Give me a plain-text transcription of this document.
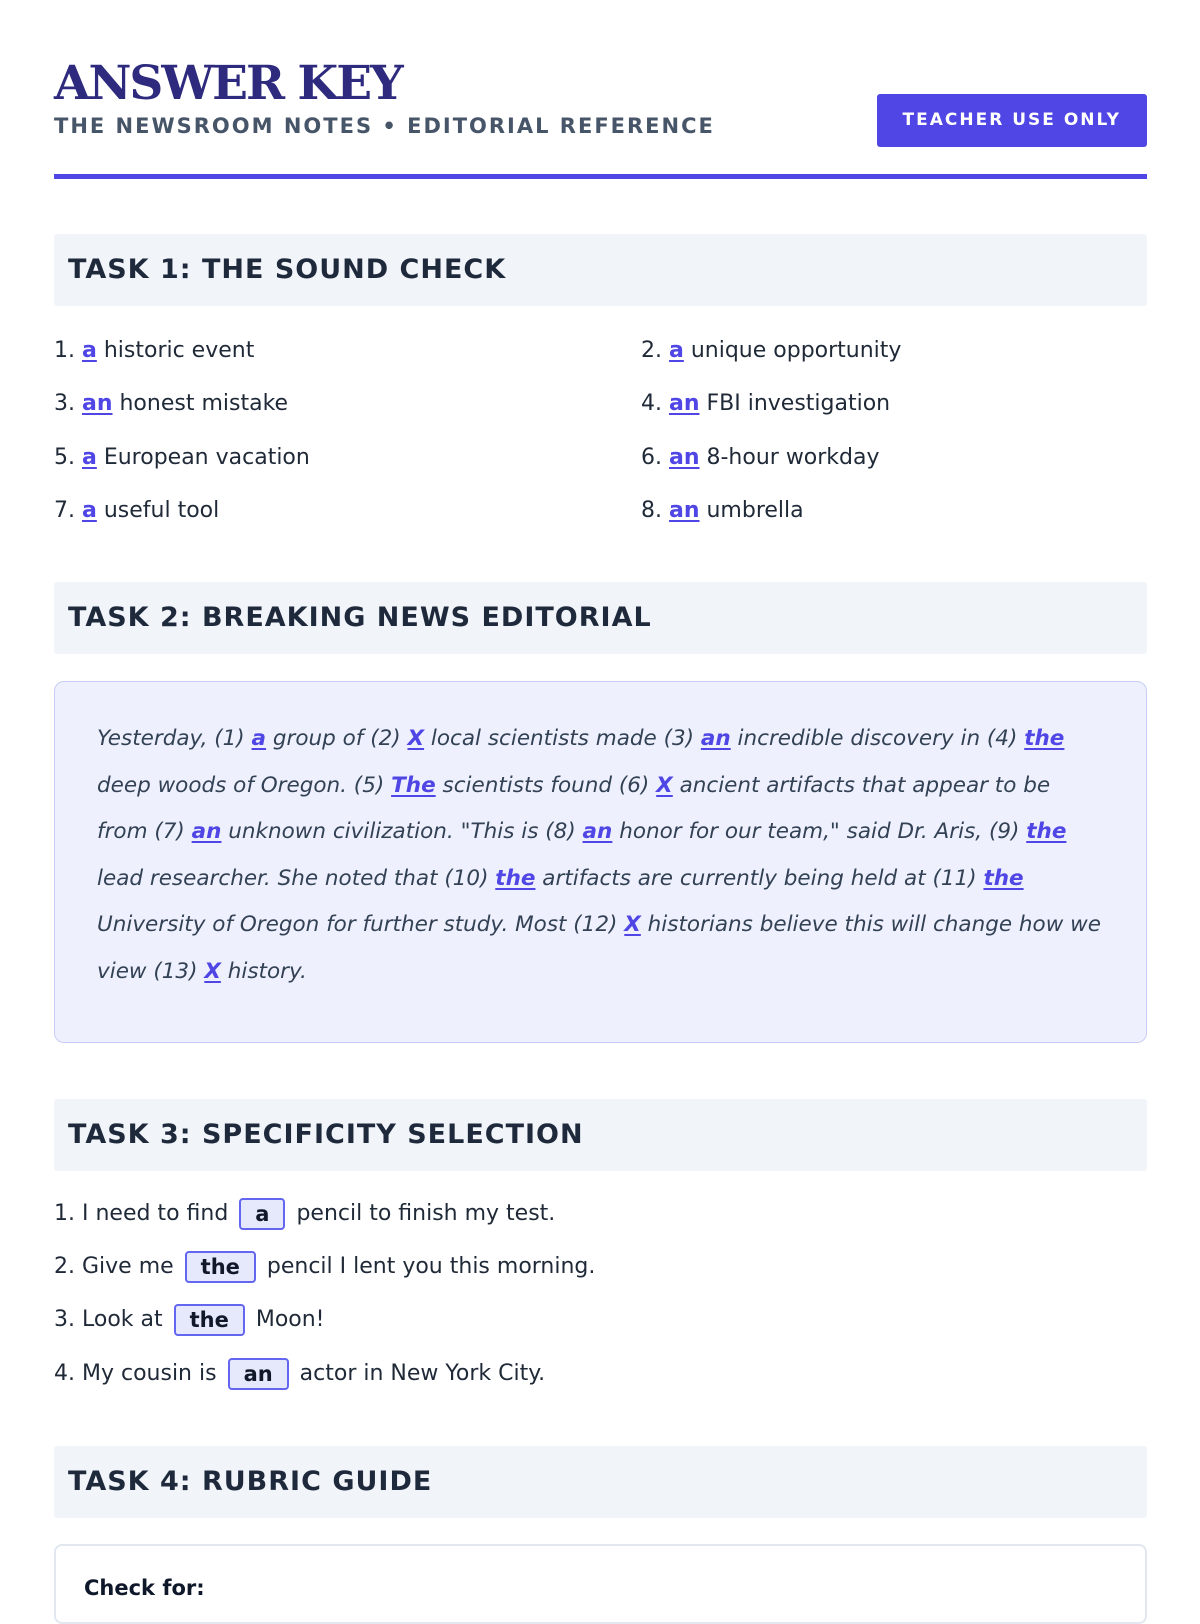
ANSWER KEY
THE NEWSROOM NOTES • EDITORIAL REFERENCE	TEACHER USE ONLY
TASK 1: THE SOUND CHECK
1. a historic event	2. a unique opportunity
3. an honest mistake	4. an FBI investigation
5. a European vacation	6. an 8-hour workday
7. a useful tool	8. an umbrella
TASK 2: BREAKING NEWS EDITORIAL

Yesterday, (1) a group of (2) X local scientists made (3) an incredible discovery in (4) the deep woods of Oregon. (5) The scientists found (6) X ancient artifacts that appear to be from (7) an unknown civilization. "This is (8) an honor for our team," said Dr. Aris, (9) the lead researcher. She noted that (10) the artifacts are currently being held at (11) the University of Oregon for further study. Most (12) X historians believe this will change how we view (13) X history.

TASK 3: SPECIFICITY SELECTION
1. I need to find a pencil to finish my test.
2. Give me the pencil I lent you this morning.
3. Look at the Moon!
4. My cousin is an actor in New York City.
TASK 4: RUBRIC GUIDE
Check for:
